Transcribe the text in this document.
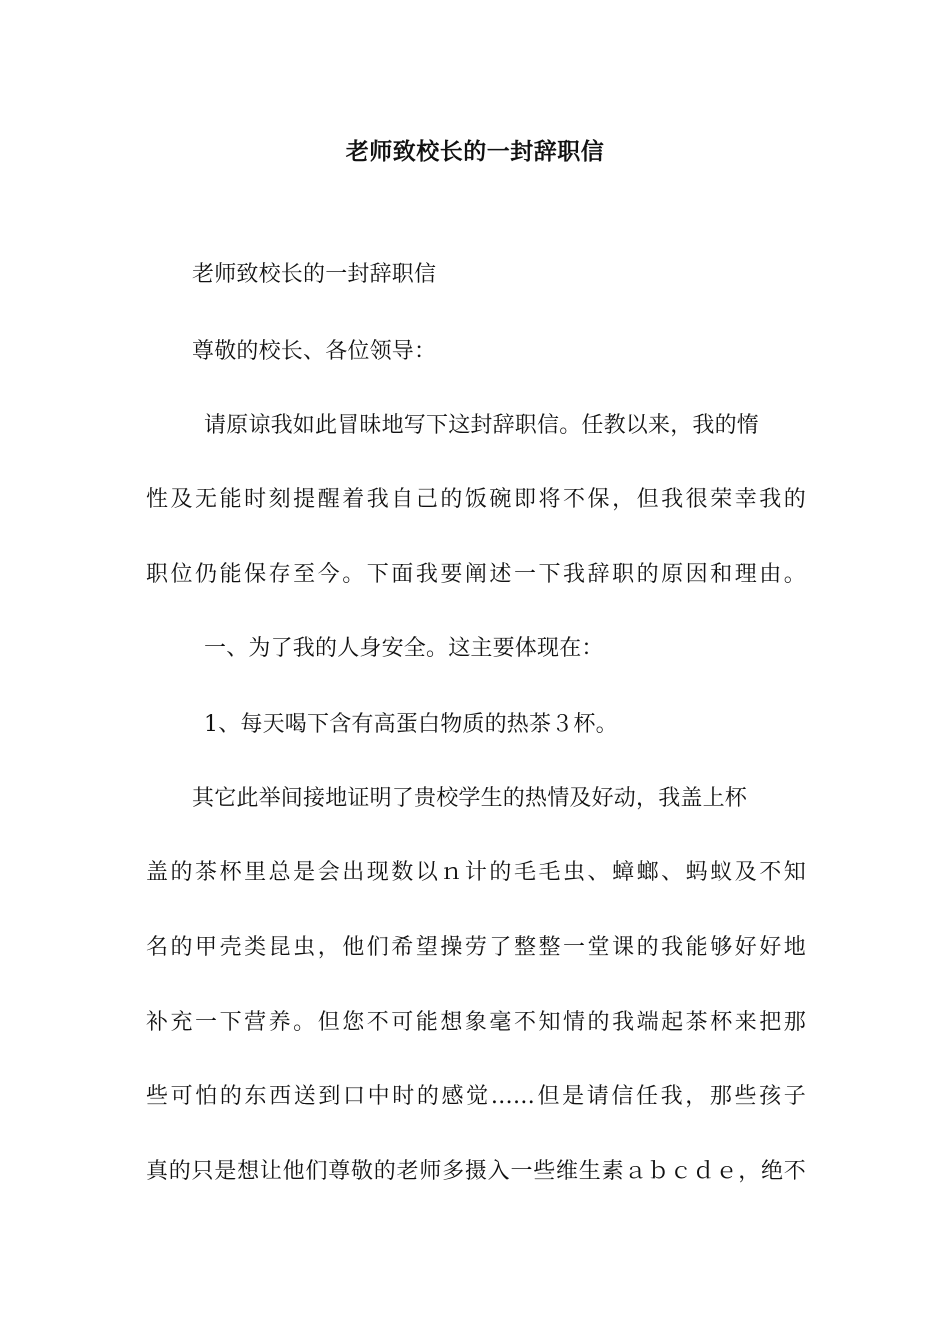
老师致校长的一封辞职信
老师致校长的一封辞职信
尊敬的校长、各位领导：
请原谅我如此冒昧地写下这封辞职信。任教以来，我的惰
性及无能时刻提醒着我自己的饭碗即将不保，但我很荣幸我的
职位仍能保存至今。下面我要阐述一下我辞职的原因和理由。
一、为了我的人身安全。这主要体现在：
1、每天喝下含有高蛋白物质的热茶３杯。
其它此举间接地证明了贵校学生的热情及好动，我盖上杯
盖的茶杯里总是会出现数以ｎ计的毛毛虫、蟑螂、蚂蚁及不知
名的甲壳类昆虫，他们希望操劳了整整一堂课的我能够好好地
补充一下营养。但您不可能想象毫不知情的我端起茶杯来把那
些可怕的东西送到口中时的感觉……但是请信任我，那些孩子
真的只是想让他们尊敬的老师多摄入一些维生素ａｂｃｄｅ，绝不
